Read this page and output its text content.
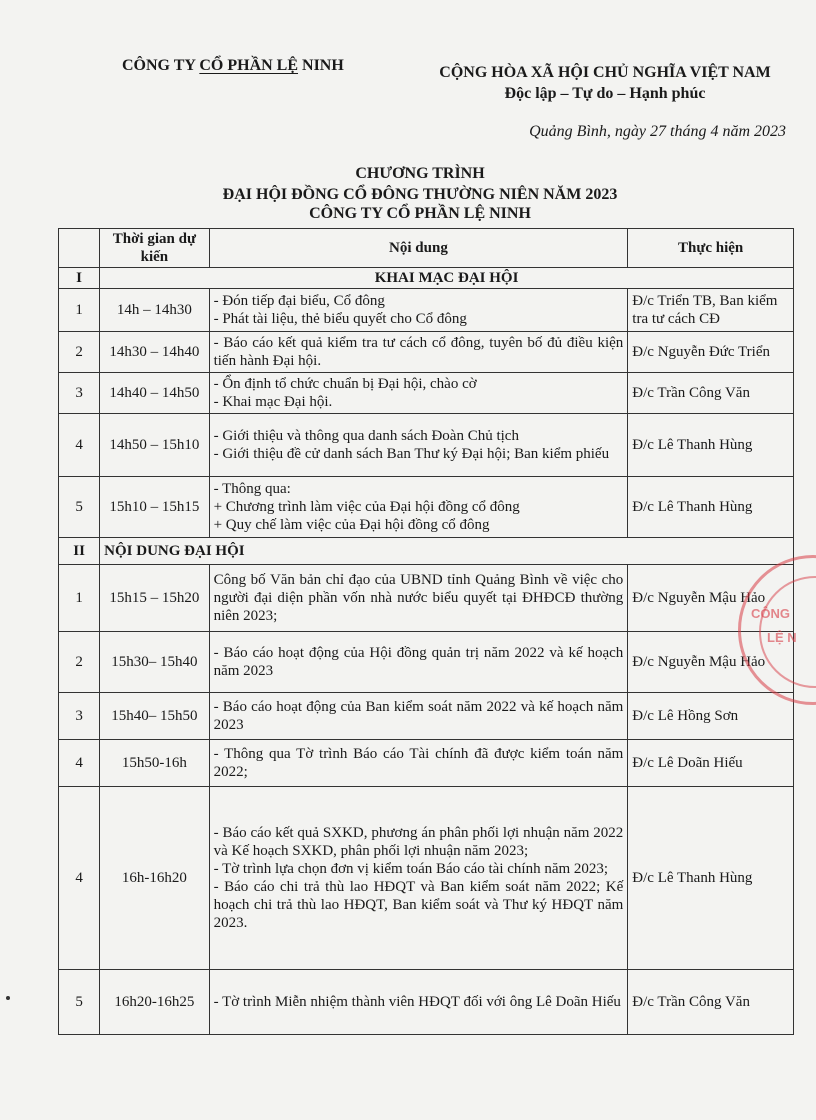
CÔNG TY CỔ PHẦN LỆ NINH	CỘNG HÒA XÃ HỘI CHỦ NGHĨA VIỆT NAM
Độc lập – Tự do – Hạnh phúc
Quảng Bình, ngày 27 tháng 4 năm 2023
CHƯƠNG TRÌNH
ĐẠI HỘI ĐỒNG CỔ ĐÔNG THƯỜNG NIÊN NĂM 2023
CÔNG TY CỔ PHẦN LỆ NINH
	Thời gian dự kiến	Nội dung	Thực hiện
I	KHAI MẠC ĐẠI HỘI		
1	14h – 14h30	- Đón tiếp đại biểu, Cổ đông
- Phát tài liệu, thẻ biểu quyết cho Cổ đông	Đ/c Triển TB, Ban kiểm tra tư cách CĐ
2	14h30 – 14h40	- Báo cáo kết quả kiểm tra tư cách cổ đông, tuyên bố đủ điều kiện tiến hành Đại hội.	Đ/c Nguyễn Đức Triển
3	14h40 – 14h50	- Ổn định tổ chức chuẩn bị Đại hội, chào cờ
- Khai mạc Đại hội.	Đ/c Trần Công Văn
4	14h50 – 15h10	- Giới thiệu và thông qua danh sách Đoàn Chủ tịch
- Giới thiệu đề cử danh sách Ban Thư ký Đại hội; Ban kiểm phiếu	Đ/c Lê Thanh Hùng
5	15h10 – 15h15	- Thông qua:
+ Chương trình làm việc của Đại hội đồng cổ đông
+ Quy chế làm việc của Đại hội đồng cổ đông	Đ/c Lê Thanh Hùng
II	NỘI DUNG ĐẠI HỘI		
1	15h15 – 15h20	Công bố Văn bản chỉ đạo của UBND tỉnh Quảng Bình về việc cho người đại diện phần vốn nhà nước biểu quyết tại ĐHĐCĐ thường niên 2023;	Đ/c Nguyễn Mậu Hảo
2	15h30– 15h40	- Báo cáo hoạt động của Hội đồng quản trị năm 2022 và kế hoạch năm 2023	Đ/c Nguyễn Mậu Hảo
3	15h40– 15h50	- Báo cáo hoạt động của Ban kiểm soát năm 2022 và kế hoạch năm 2023	Đ/c Lê Hồng Sơn
4	15h50-16h	- Thông qua Tờ trình Báo cáo Tài chính đã được kiểm toán năm 2022;	Đ/c Lê Doãn Hiếu
4	16h-16h20	- Báo cáo kết quả SXKD, phương án phân phối lợi nhuận năm 2022 và Kế hoạch SXKD, phân phối lợi nhuận năm 2023;
- Tờ trình lựa chọn đơn vị kiểm toán Báo cáo tài chính năm 2023;
- Báo cáo chi trả thù lao HĐQT và Ban kiểm soát năm 2022; Kế hoạch chi trả thù lao HĐQT, Ban kiểm soát và Thư ký HĐQT năm 2023.	Đ/c Lê Thanh Hùng
5	16h20-16h25	- Tờ trình Miễn nhiệm thành viên HĐQT đối với ông Lê Doãn Hiếu	Đ/c Trần Công Văn
CÔNG
LỆ N
